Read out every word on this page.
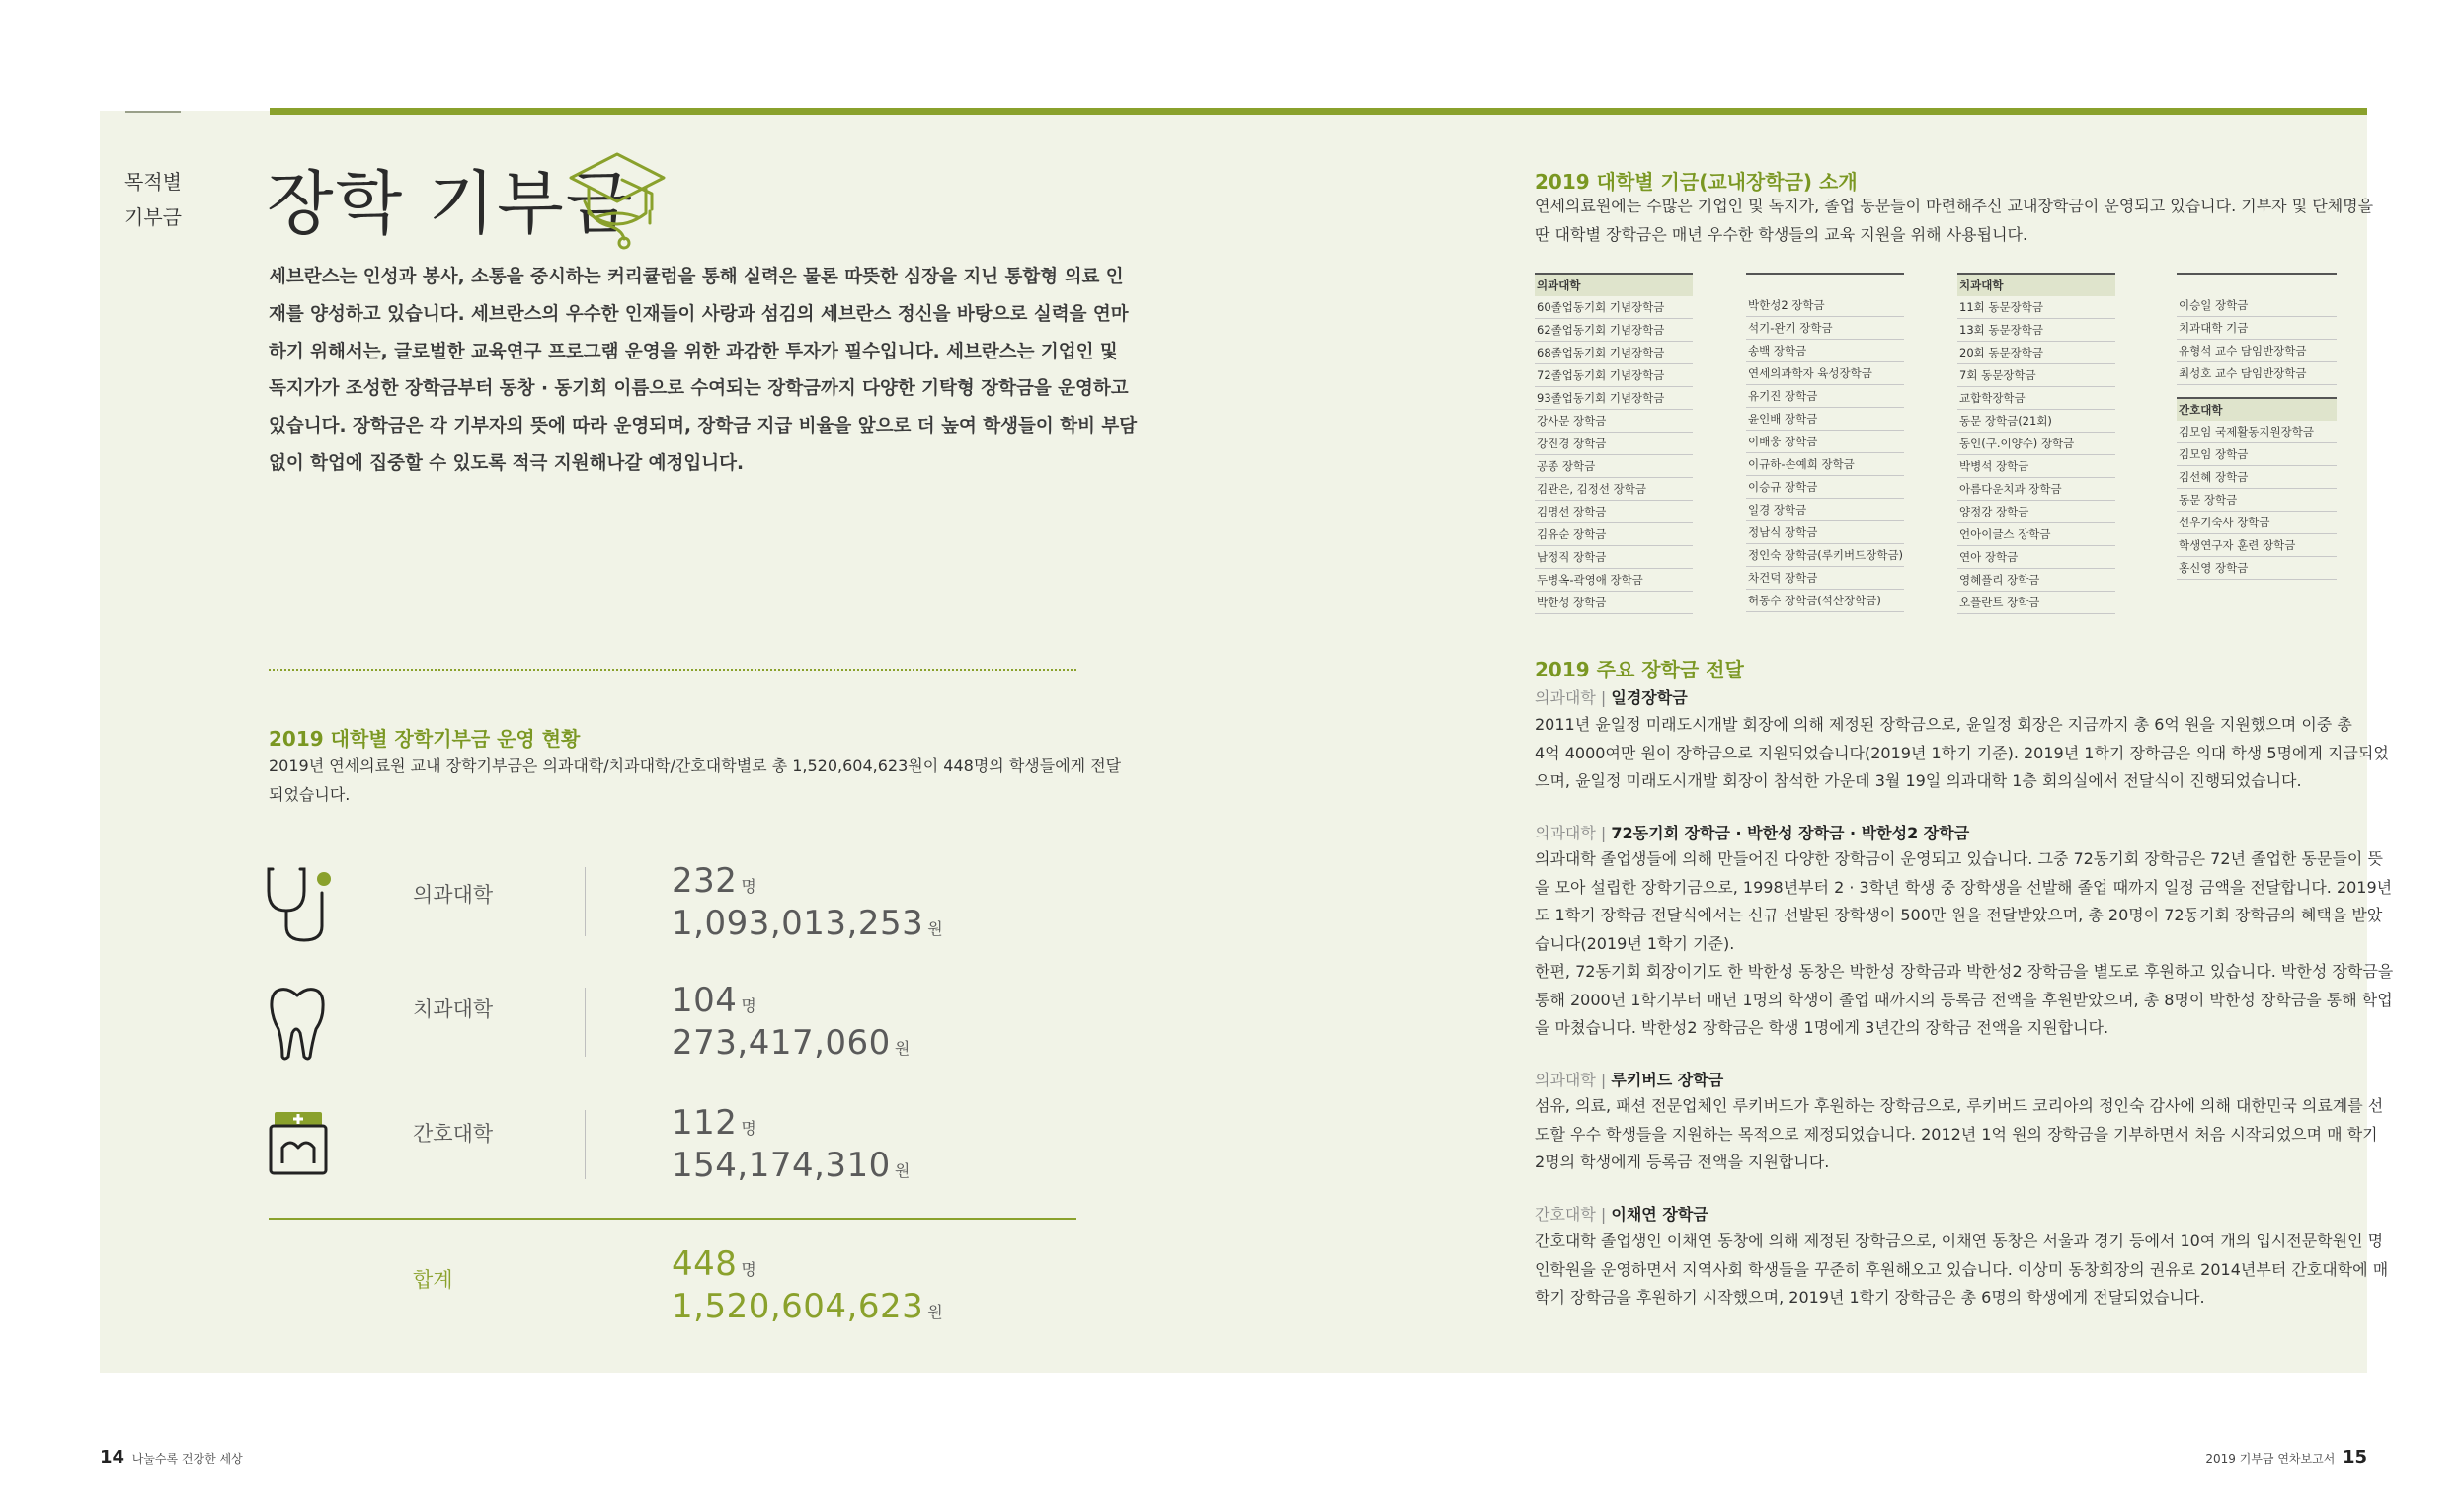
목적별
기부금	장학 기부금
세브란스는 인성과 봉사, 소통을 중시하는 커리큘럼을 통해 실력은 물론 따뜻한 심장을 지닌 통합형 의료 인
재를 양성하고 있습니다. 세브란스의 우수한 인재들이 사랑과 섬김의 세브란스 정신을 바탕으로 실력을 연마
하기 위해서는, 글로벌한 교육연구 프로그램 운영을 위한 과감한 투자가 필수입니다. 세브란스는 기업인 및
독지가가 조성한 장학금부터 동창 · 동기회 이름으로 수여되는 장학금까지 다양한 기탁형 장학금을 운영하고
있습니다. 장학금은 각 기부자의 뜻에 따라 운영되며, 장학금 지급 비율을 앞으로 더 높여 학생들이 학비 부담
없이 학업에 집중할 수 있도록 적극 지원해나갈 예정입니다.
2019 대학별 장학기부금 운영 현황
2019년 연세의료원 교내 장학기부금은 의과대학/치과대학/간호대학별로 총 1,520,604,623원이 448명의 학생들에게 전달
되었습니다.
의과대학	232 명
1,093,013,253 원
치과대학	104 명
273,417,060 원
간호대학	112 명
154,174,310 원
합계	448 명
1,520,604,623 원
2019 대학별 기금(교내장학금) 소개
연세의료원에는 수많은 기업인 및 독지가, 졸업 동문들이 마련해주신 교내장학금이 운영되고 있습니다. 기부자 및 단체명을
딴 대학별 장학금은 매년 우수한 학생들의 교육 지원을 위해 사용됩니다.
의과대학
60졸업동기회 기념장학금
62졸업동기회 기념장학금
68졸업동기회 기념장학금
72졸업동기회 기념장학금
93졸업동기회 기념장학금
강사문 장학금
강진경 장학금
공종 장학금
김관은, 김정선 장학금
김명선 장학금
김유순 장학금
남정직 장학금
두병옥-곽영애 장학금
박한성 장학금

박한성2 장학금
석기-완기 장학금
송백 장학금
연세의과학자 육성장학금
유기진 장학금
윤인배 장학금
이배웅 장학금
이규하-손예희 장학금
이승규 장학금
일경 장학금
정남식 장학금
정인숙 장학금(루키버드장학금)
차건덕 장학금
허동수 장학금(석산장학금)
치과대학
11회 동문장학금
13회 동문장학금
20회 동문장학금
7회 동문장학금
교합학장학금
동문 장학금(21회)
동인(구.이양수) 장학금
박병석 장학금
아름다운치과 장학금
양정강 장학금
언아이글스 장학금
연아 장학금
영혜플리 장학금
오플란트 장학금

이승일 장학금
치과대학 기금
유형석 교수 담임반장학금
최성호 교수 담임반장학금
간호대학
김모임 국제활동지원장학금
김모임 장학금
김선혜 장학금
동문 장학금
선우기숙사 장학금
학생연구자 훈련 장학금
홍신영 장학금
2019 주요 장학금 전달
의과대학 | 일경장학금
2011년 윤일정 미래도시개발 회장에 의해 제정된 장학금으로, 윤일정 회장은 지금까지 총 6억 원을 지원했으며 이중 총
4억 4000여만 원이 장학금으로 지원되었습니다(2019년 1학기 기준). 2019년 1학기 장학금은 의대 학생 5명에게 지급되었
으며, 윤일정 미래도시개발 회장이 참석한 가운데 3월 19일 의과대학 1층 회의실에서 전달식이 진행되었습니다.
의과대학 | 72동기회 장학금 · 박한성 장학금 · 박한성2 장학금
의과대학 졸업생들에 의해 만들어진 다양한 장학금이 운영되고 있습니다. 그중 72동기회 장학금은 72년 졸업한 동문들이 뜻
을 모아 설립한 장학기금으로, 1998년부터 2 · 3학년 학생 중 장학생을 선발해 졸업 때까지 일정 금액을 전달합니다. 2019년
도 1학기 장학금 전달식에서는 신규 선발된 장학생이 500만 원을 전달받았으며, 총 20명이 72동기회 장학금의 혜택을 받았
습니다(2019년 1학기 기준).
한편, 72동기회 회장이기도 한 박한성 동창은 박한성 장학금과 박한성2 장학금을 별도로 후원하고 있습니다. 박한성 장학금을
통해 2000년 1학기부터 매년 1명의 학생이 졸업 때까지의 등록금 전액을 후원받았으며, 총 8명이 박한성 장학금을 통해 학업
을 마쳤습니다. 박한성2 장학금은 학생 1명에게 3년간의 장학금 전액을 지원합니다.
의과대학 | 루키버드 장학금
섬유, 의료, 패션 전문업체인 루키버드가 후원하는 장학금으로, 루키버드 코리아의 정인숙 감사에 의해 대한민국 의료계를 선
도할 우수 학생들을 지원하는 목적으로 제정되었습니다. 2012년 1억 원의 장학금을 기부하면서 처음 시작되었으며 매 학기
2명의 학생에게 등록금 전액을 지원합니다.
간호대학 | 이채연 장학금
간호대학 졸업생인 이채연 동창에 의해 제정된 장학금으로, 이채연 동창은 서울과 경기 등에서 10여 개의 입시전문학원인 명
인학원을 운영하면서 지역사회 학생들을 꾸준히 후원해오고 있습니다. 이상미 동창회장의 권유로 2014년부터 간호대학에 매
학기 장학금을 후원하기 시작했으며, 2019년 1학기 장학금은 총 6명의 학생에게 전달되었습니다.
14 나눌수록 건강한 세상	2019 기부금 연차보고서 15
